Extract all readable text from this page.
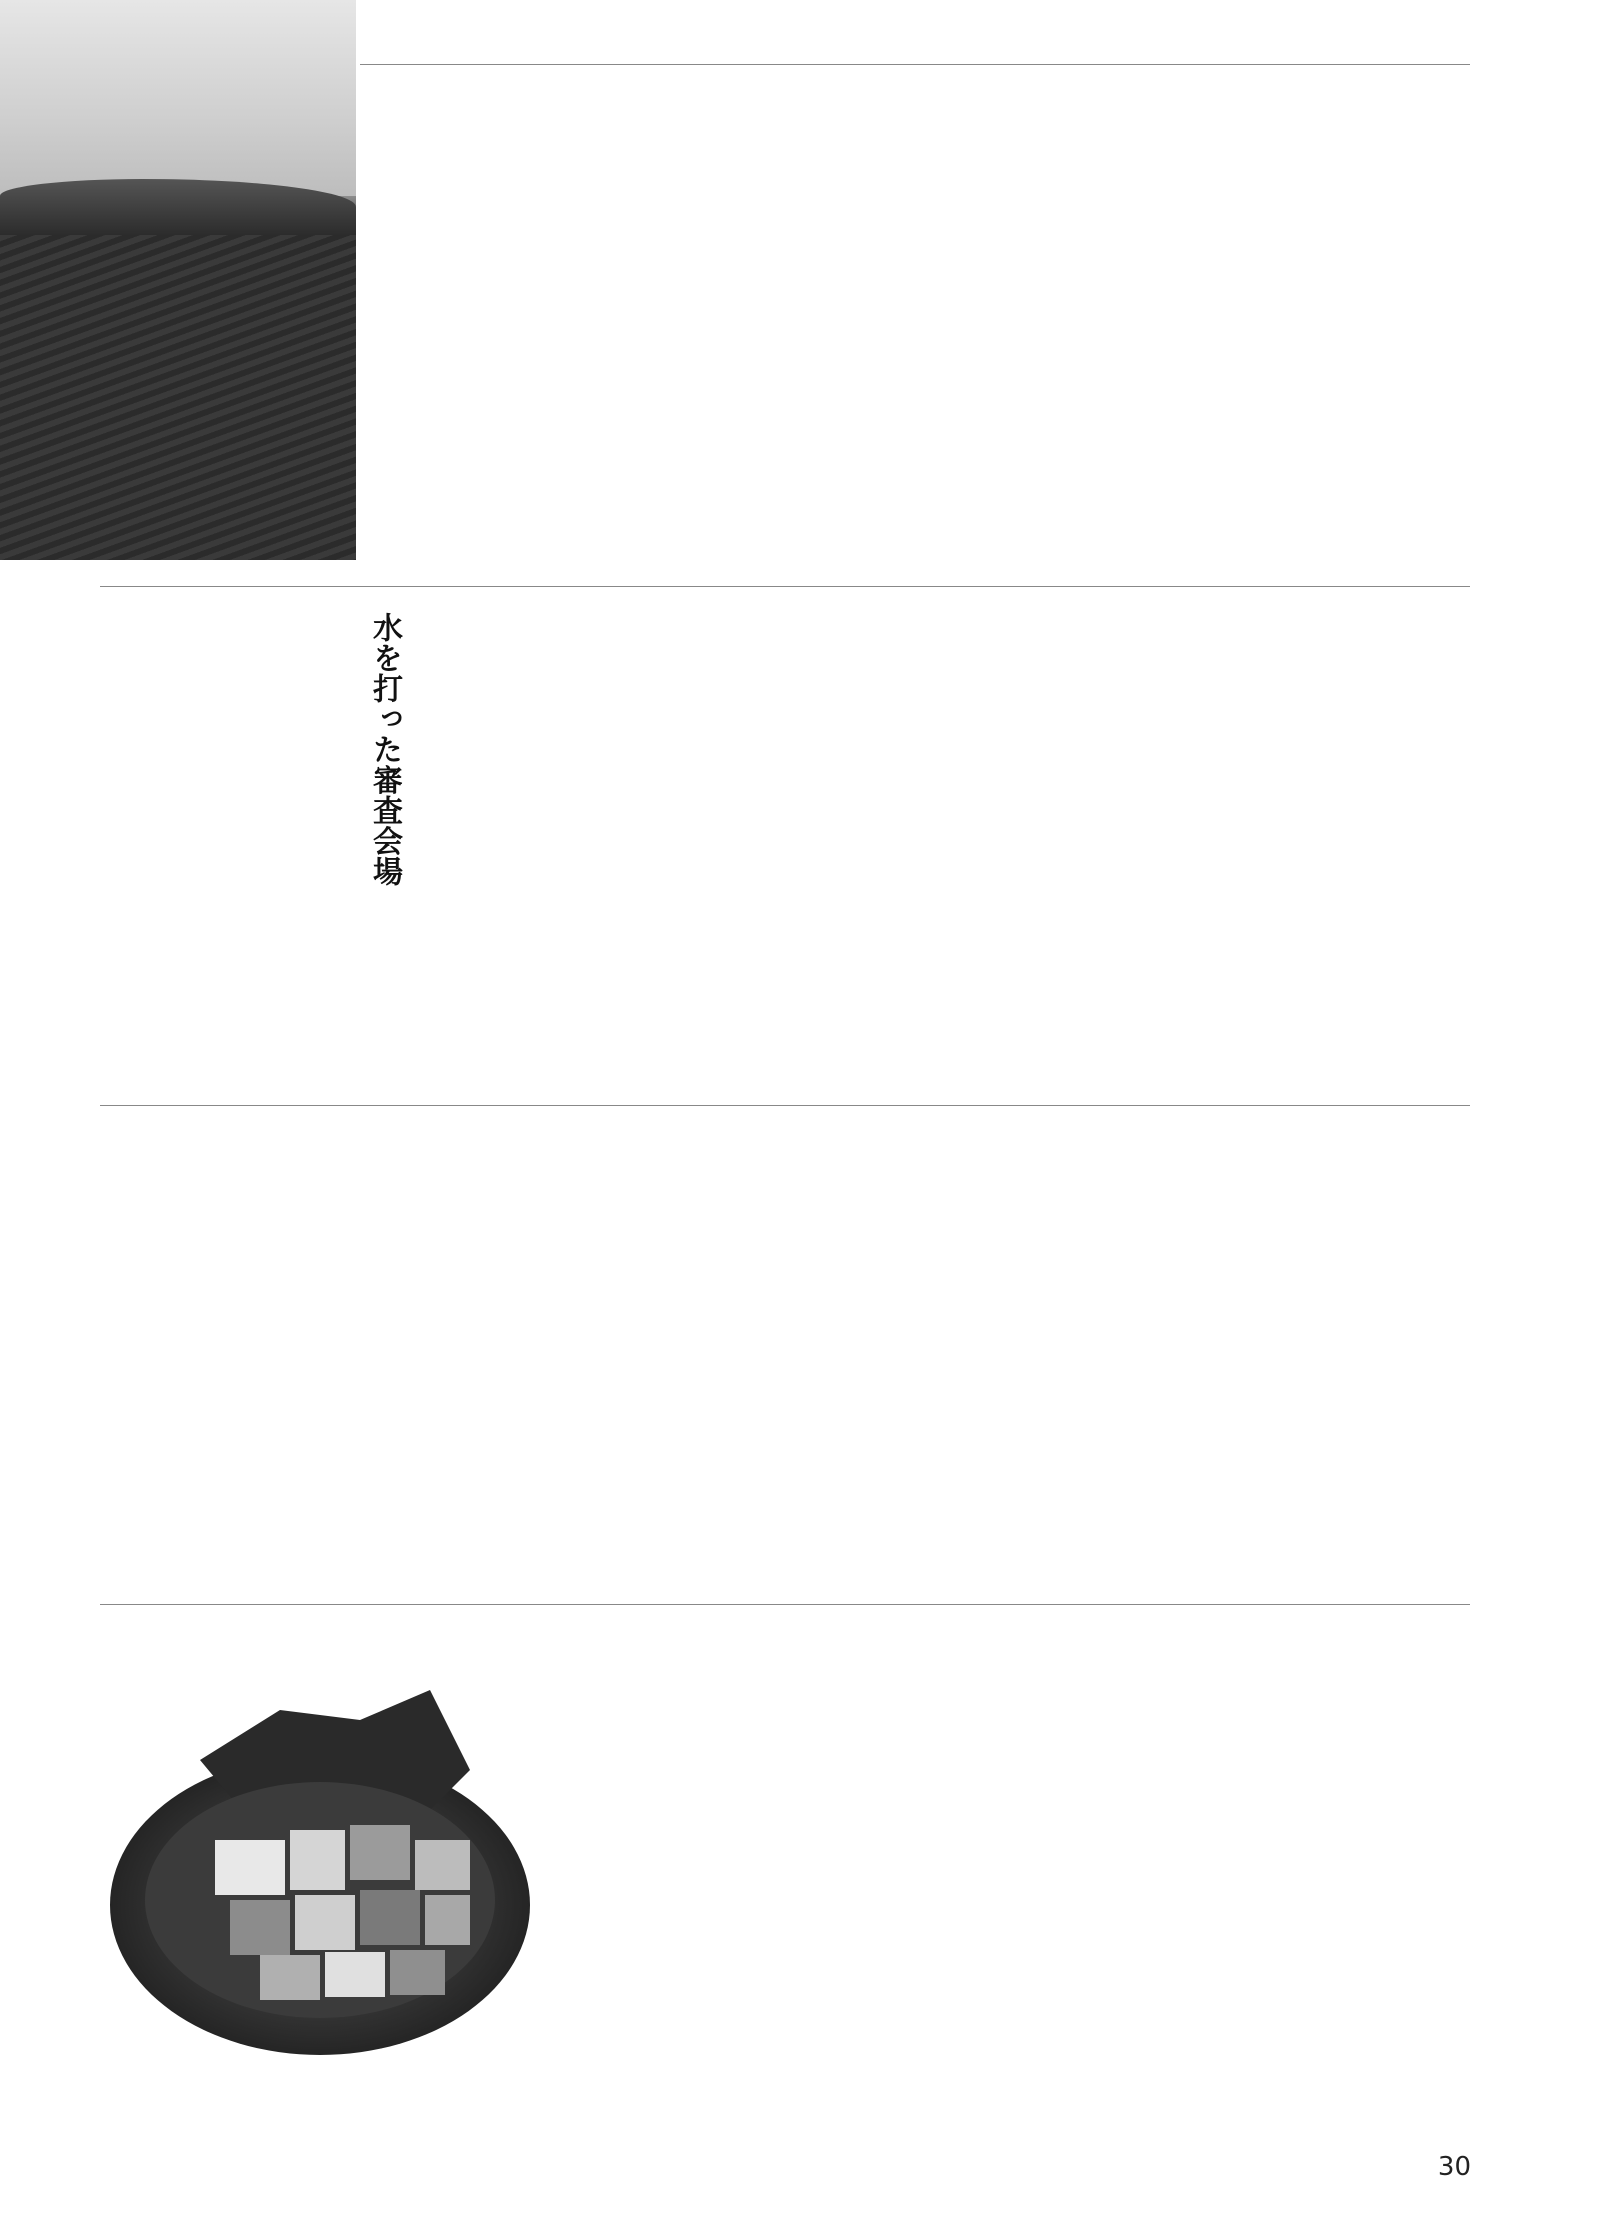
水を打った審査会場
30
